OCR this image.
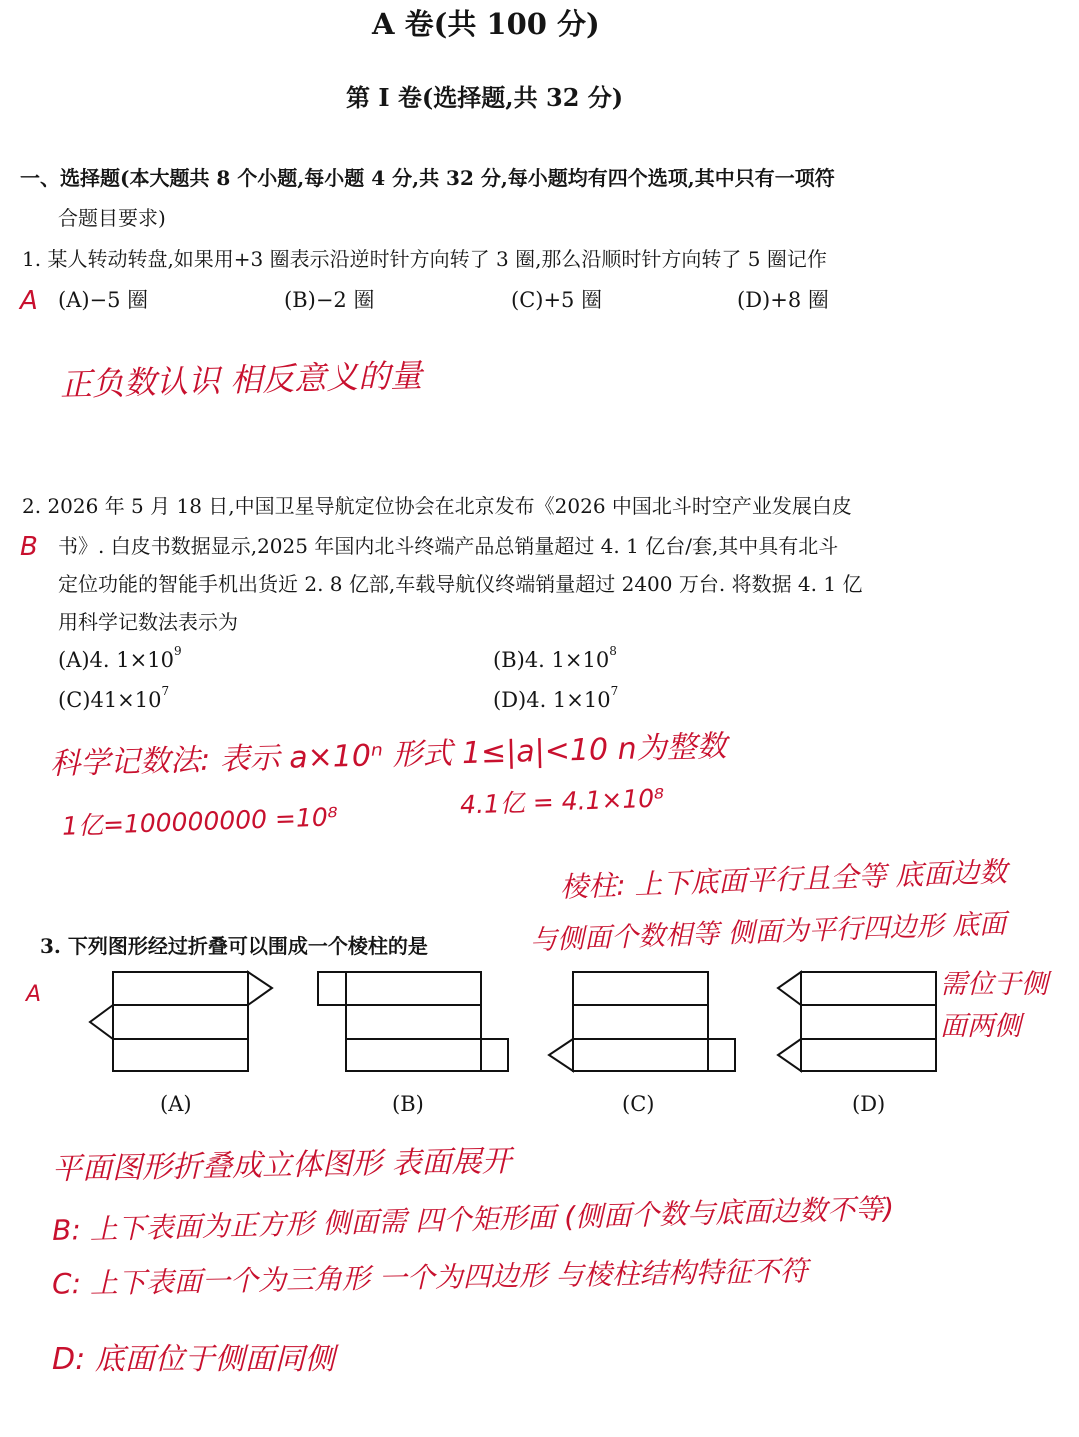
A 卷(共 100 分)
第 I 卷(选择题,共 32 分)
一、选择题(本大题共 8 个小题,每小题 4 分,共 32 分,每小题均有四个选项,其中只有一项符
合题目要求)
1. 某人转动转盘,如果用+3 圈表示沿逆时针方向转了 3 圈,那么沿顺时针方向转了 5 圈记作
A (A)−5 圈	(B)−2 圈	(C)+5 圈	(D)+8 圈
正负数认识 相反意义的量
2. 2026 年 5 月 18 日,中国卫星导航定位协会在北京发布《2026 中国北斗时空产业发展白皮
B 书》. 白皮书数据显示,2025 年国内北斗终端产品总销量超过 4. 1 亿台/套,其中具有北斗
定位功能的智能手机出货近 2. 8 亿部,车载导航仪终端销量超过 2400 万台. 将数据 4. 1 亿
用科学记数法表示为
(A)4. $1\times 10^9$	(B)4. $1\times 10^8$
$(C)41\times 10^7$	(D)4. $1\times 10^7$
科学记数法: 表示 a×10ⁿ 形式 1≤|a|<10 n为整数
1亿=100000000 =10⁸
4.1亿 = 4.1×10⁸
棱柱: 上下底面平行且全等 底面边数
3. 下列图形经过折叠可以围成一个棱柱的是	与侧面个数相等 侧面为平行四边形 底面
A	需位于侧
面两侧
(A)	(B)	(C)	(D)
平面图形折叠成立体图形 表面展开
B: 上下表面为正方形 侧面需 四个矩形面 (侧面个数与底面边数不等)
C: 上下表面一个为三角形 一个为四边形 与棱柱结构特征不符
D: 底面位于侧面同侧
